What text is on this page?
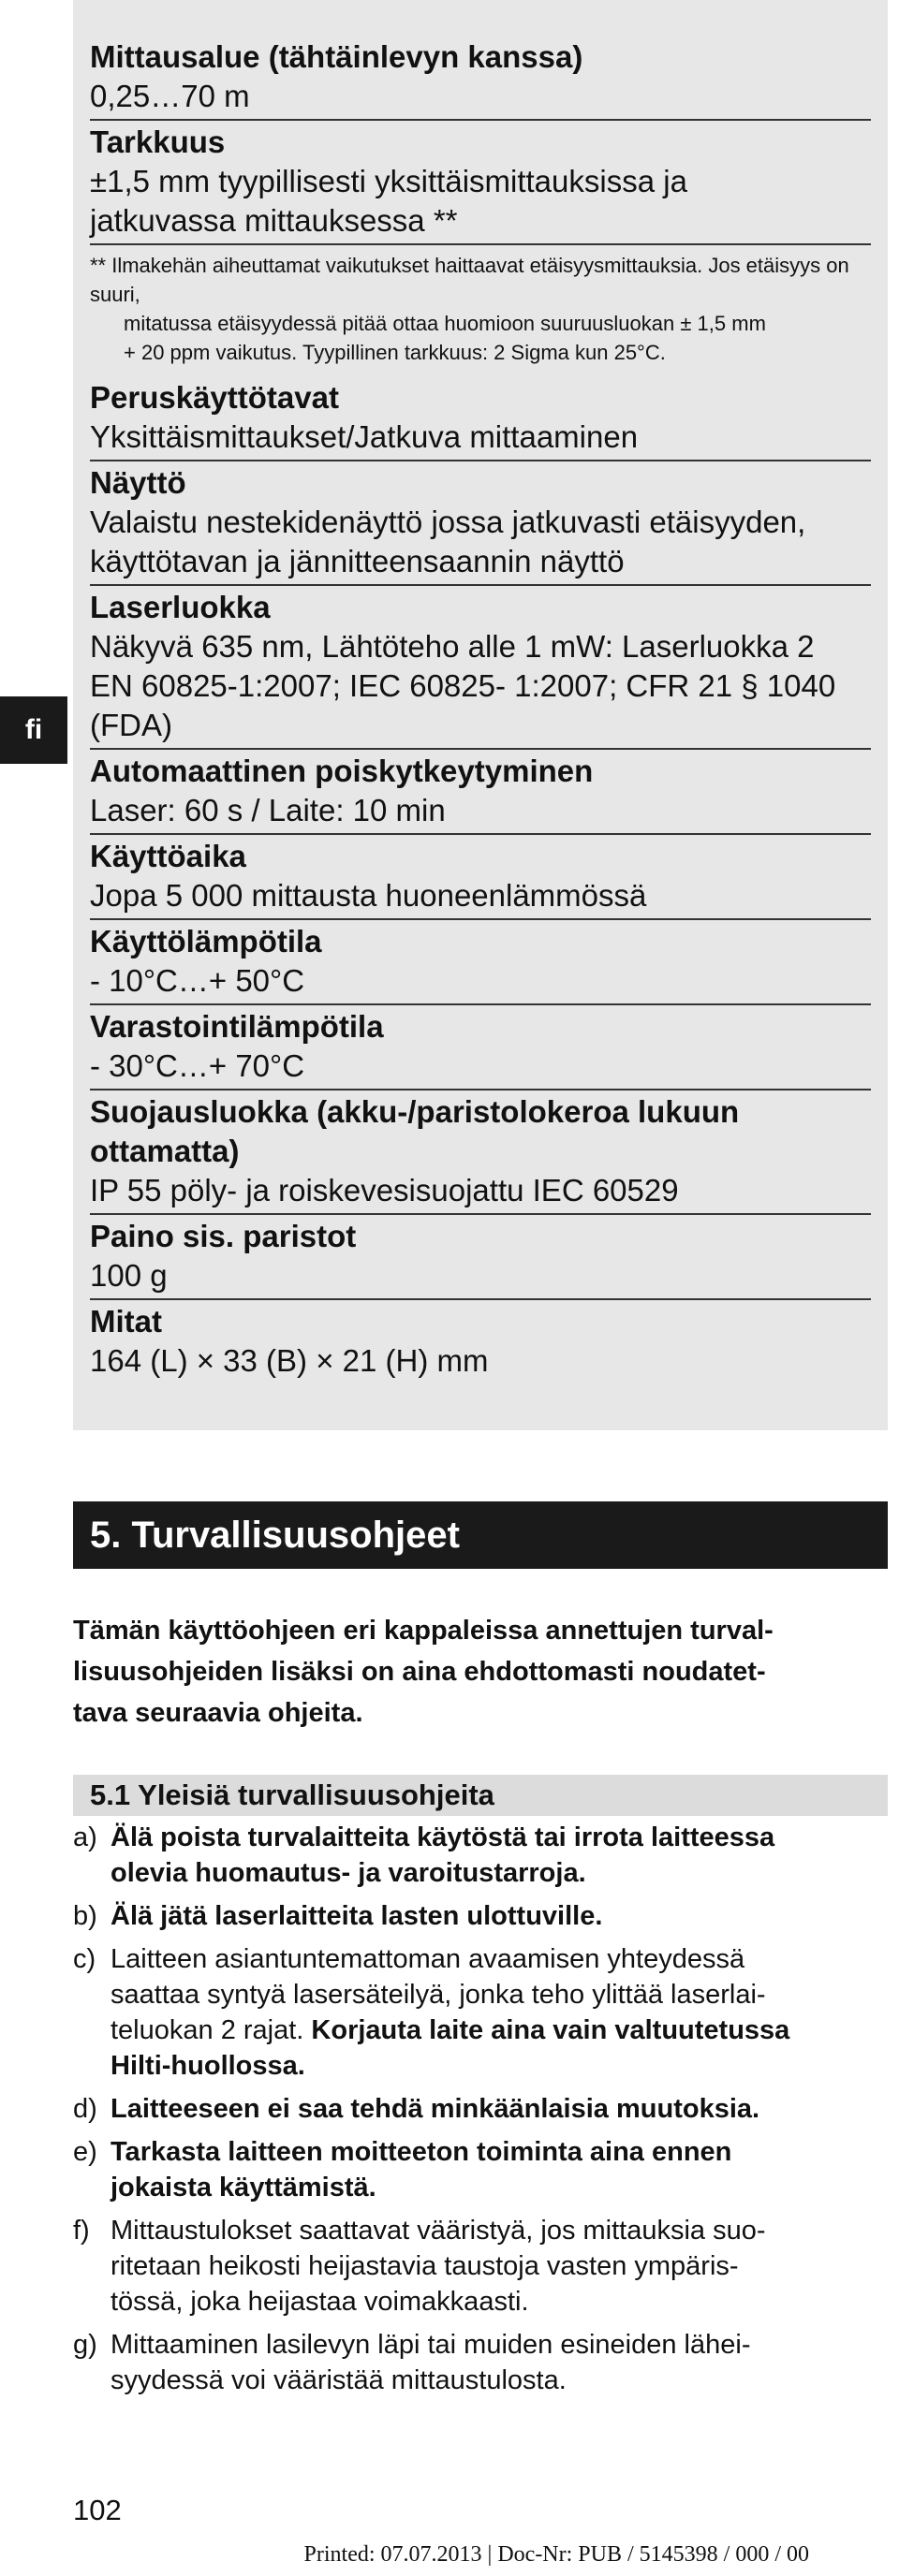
fi
Mittausalue (tähtäinlevyn kanssa)
0,25…70 m
Tarkkuus
±1,5 mm tyypillisesti yksittäismittauksissa ja
jatkuvassa mittauksessa **
** Ilmakehän aiheuttamat vaikutukset haittaavat etäisyysmittauksia. Jos etäisyys on suuri,
mitatussa etäisyydessä pitää ottaa huomioon suuruusluokan ± 1,5 mm
+ 20 ppm vaikutus. Tyypillinen tarkkuus: 2 Sigma kun 25°C.
Peruskäyttötavat
Yksittäismittaukset/Jatkuva mittaaminen
Näyttö
Valaistu nestekidenäyttö jossa jatkuvasti etäisyyden,
käyttötavan ja jännitteensaannin näyttö
Laserluokka
Näkyvä 635 nm, Lähtöteho alle 1 mW: Laserluokka 2
EN 60825-1:2007; IEC 60825- 1:2007; CFR 21 § 1040 (FDA)
Automaattinen poiskytkeytyminen
Laser: 60 s / Laite: 10 min
Käyttöaika
Jopa 5 000 mittausta huoneenlämmössä
Käyttölämpötila
- 10°C…+ 50°C
Varastointilämpötila
- 30°C…+ 70°C
Suojausluokka (akku-/paristolokeroa lukuun ottamatta)
IP 55 pöly- ja roiskevesisuojattu IEC 60529
Paino sis. paristot
100 g
Mitat
164 (L) × 33 (B) × 21 (H) mm
5. Turvallisuusohjeet
Tämän käyttöohjeen eri kappaleissa annettujen turval-
lisuusohjeiden lisäksi on aina ehdottomasti noudatet-
tava seuraavia ohjeita.
5.1 Yleisiä turvallisuusohjeita
a) Älä poista turvalaitteita käytöstä tai irrota laitteessa
olevia huomautus- ja varoitustarroja.
b) Älä jätä laserlaitteita lasten ulottuville.
c) Laitteen asiantuntemattoman avaamisen yhteydessä
saattaa syntyä lasersäteilyä, jonka teho ylittää laserlai-
teluokan 2 rajat. Korjauta laite aina vain valtuutetussa
Hilti-huollossa.
d) Laitteeseen ei saa tehdä minkäänlaisia muutoksia.
e) Tarkasta laitteen moitteeton toiminta aina ennen
jokaista käyttämistä.
f) Mittaustulokset saattavat vääristyä, jos mittauksia suo-
ritetaan heikosti heijastavia taustoja vasten ympäris-
tössä, joka heijastaa voimakkaasti.
g) Mittaaminen lasilevyn läpi tai muiden esineiden lähei-
syydessä voi vääristää mittaustulosta.
102
Printed: 07.07.2013 | Doc-Nr: PUB / 5145398 / 000 / 00
